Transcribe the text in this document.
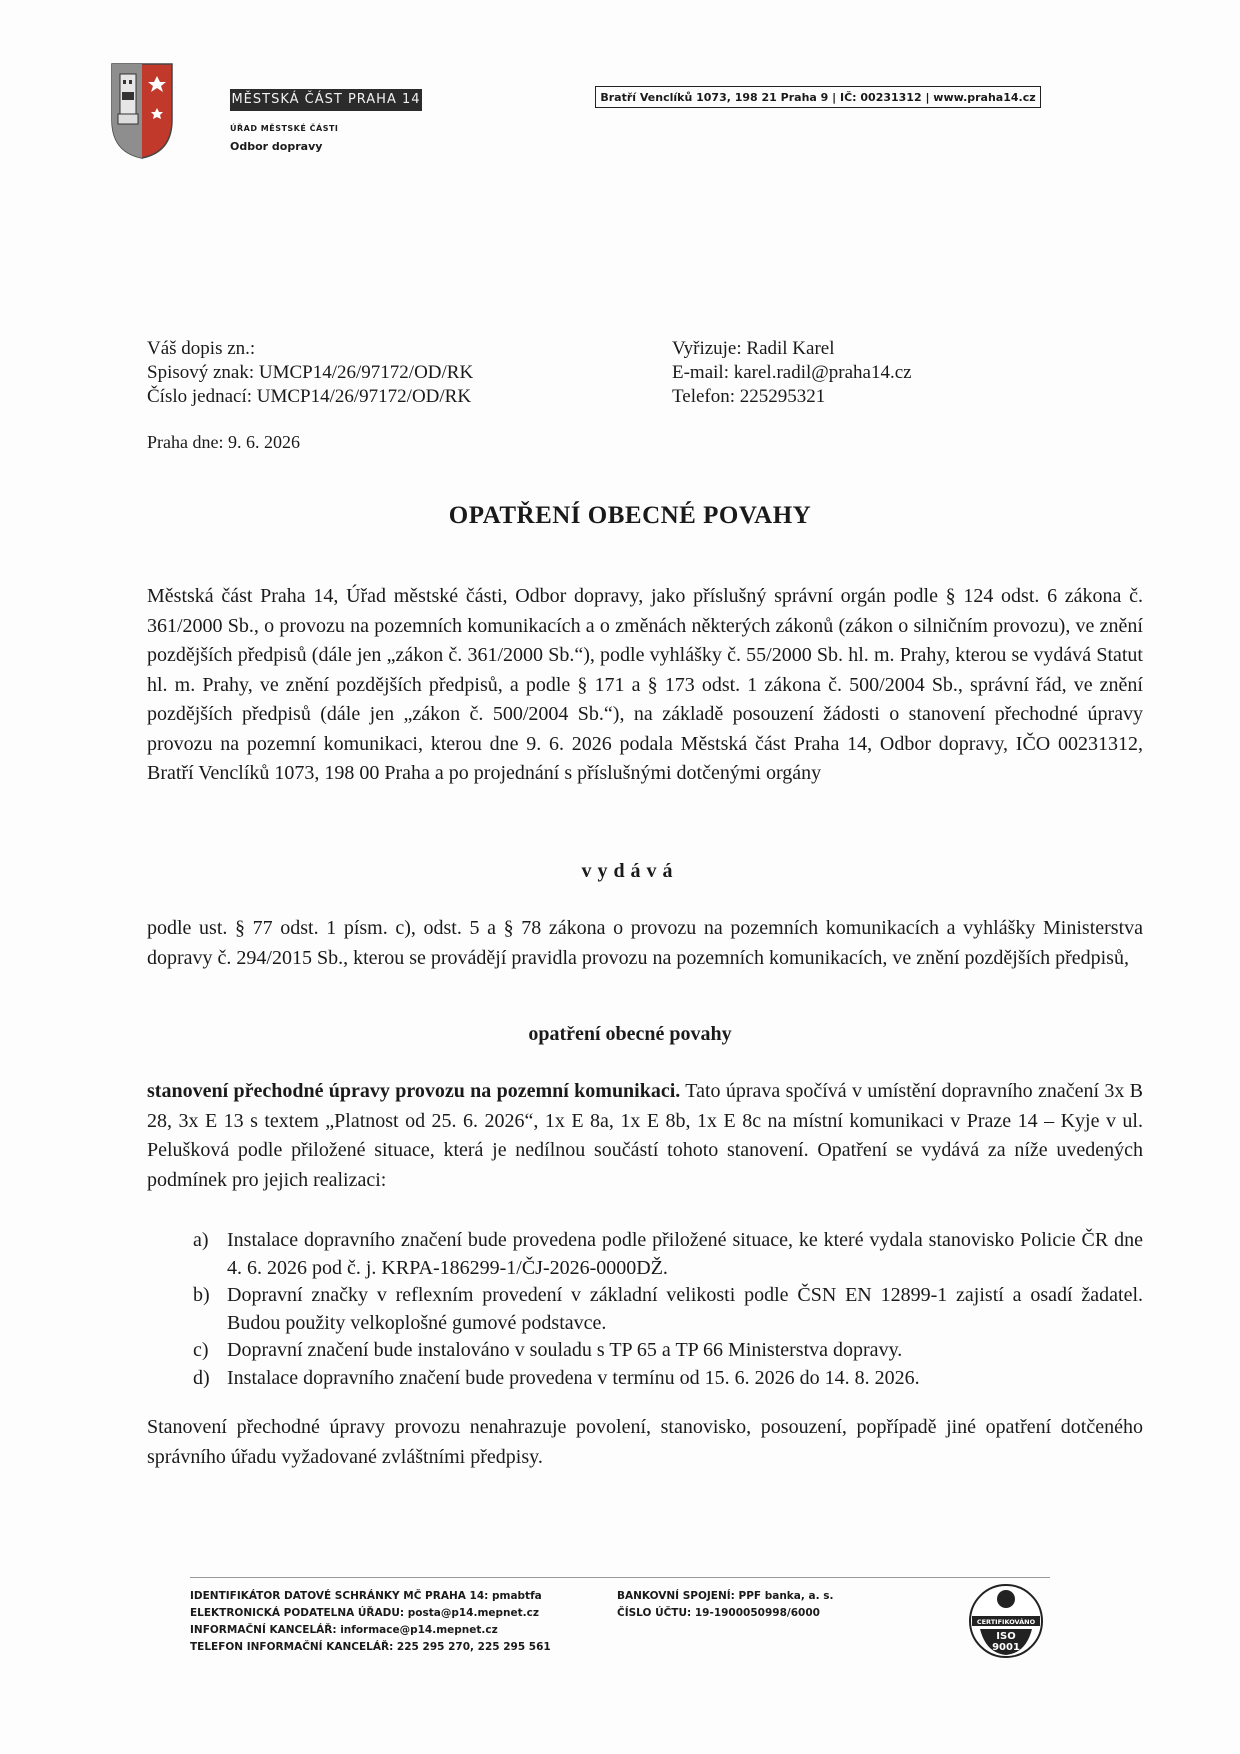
MĚSTSKÁ ČÁST PRAHA 14
ÚŘAD MĚSTSKÉ ČÁSTI
Odbor dopravy
Bratří Venclíků 1073, 198 21 Praha 9 | IČ: 00231312 | www.praha14.cz
Váš dopis zn.:
Spisový znak: UMCP14/26/97172/OD/RK
Číslo jednací: UMCP14/26/97172/OD/RK
Vyřizuje: Radil Karel
E-mail: karel.radil@praha14.cz
Telefon: 225295321
Praha dne: 9. 6. 2026
OPATŘENÍ OBECNÉ POVAHY
Městská část Praha 14, Úřad městské části, Odbor dopravy, jako příslušný správní orgán podle § 124 odst. 6 zákona č. 361/2000 Sb., o provozu na pozemních komunikacích a o změnách některých zákonů (zákon o silničním provozu), ve znění pozdějších předpisů (dále jen „zákon č. 361/2000 Sb.“), podle vyhlášky č. 55/2000 Sb. hl. m. Prahy, kterou se vydává Statut hl. m. Prahy, ve znění pozdějších předpisů, a podle § 171 a § 173 odst. 1 zákona č. 500/2004 Sb., správní řád, ve znění pozdějších předpisů (dále jen „zákon č. 500/2004 Sb.“), na základě posouzení žádosti o stanovení přechodné úpravy provozu na pozemní komunikaci, kterou dne 9. 6. 2026 podala Městská část Praha 14, Odbor dopravy, IČO 00231312, Bratří Venclíků 1073, 198 00 Praha a po projednání s příslušnými dotčenými orgány
vydává
podle ust. § 77 odst. 1 písm. c), odst. 5 a § 78 zákona o provozu na pozemních komunikacích a vyhlášky Ministerstva dopravy č. 294/2015 Sb., kterou se provádějí pravidla provozu na pozemních komunikacích, ve znění pozdějších předpisů,
opatření obecné povahy
stanovení přechodné úpravy provozu na pozemní komunikaci. Tato úprava spočívá v umístění dopravního značení 3x B 28, 3x E 13 s textem „Platnost od 25. 6. 2026“, 1x E 8a, 1x E 8b, 1x E 8c na místní komunikaci v Praze 14 – Kyje v ul. Pelušková podle přiložené situace, která je nedílnou součástí tohoto stanovení. Opatření se vydává za níže uvedených podmínek pro jejich realizaci:
a) Instalace dopravního značení bude provedena podle přiložené situace, ke které vydala stanovisko Policie ČR dne 4. 6. 2026 pod č. j. KRPA-186299-1/ČJ-2026-0000DŽ.
b) Dopravní značky v reflexním provedení v základní velikosti podle ČSN EN 12899-1 zajistí a osadí žadatel. Budou použity velkoplošné gumové podstavce.
c) Dopravní značení bude instalováno v souladu s TP 65 a TP 66 Ministerstva dopravy.
d) Instalace dopravního značení bude provedena v termínu od 15. 6. 2026 do 14. 8. 2026.
Stanovení přechodné úpravy provozu nenahrazuje povolení, stanovisko, posouzení, popřípadě jiné opatření dotčeného správního úřadu vyžadované zvláštními předpisy.
IDENTIFIKÁTOR DATOVÉ SCHRÁNKY MČ PRAHA 14: pmabtfa
ELEKTRONICKÁ PODATELNA ÚŘADU: posta@p14.mepnet.cz
INFORMAČNÍ KANCELÁŘ: informace@p14.mepnet.cz
TELEFON INFORMAČNÍ KANCELÁŘ: 225 295 270, 225 295 561
BANKOVNÍ SPOJENÍ: PPF banka, a. s.
ČÍSLO ÚČTU: 19-1900050998/6000
CERTIFIKOVÁNO
ISO
9001
